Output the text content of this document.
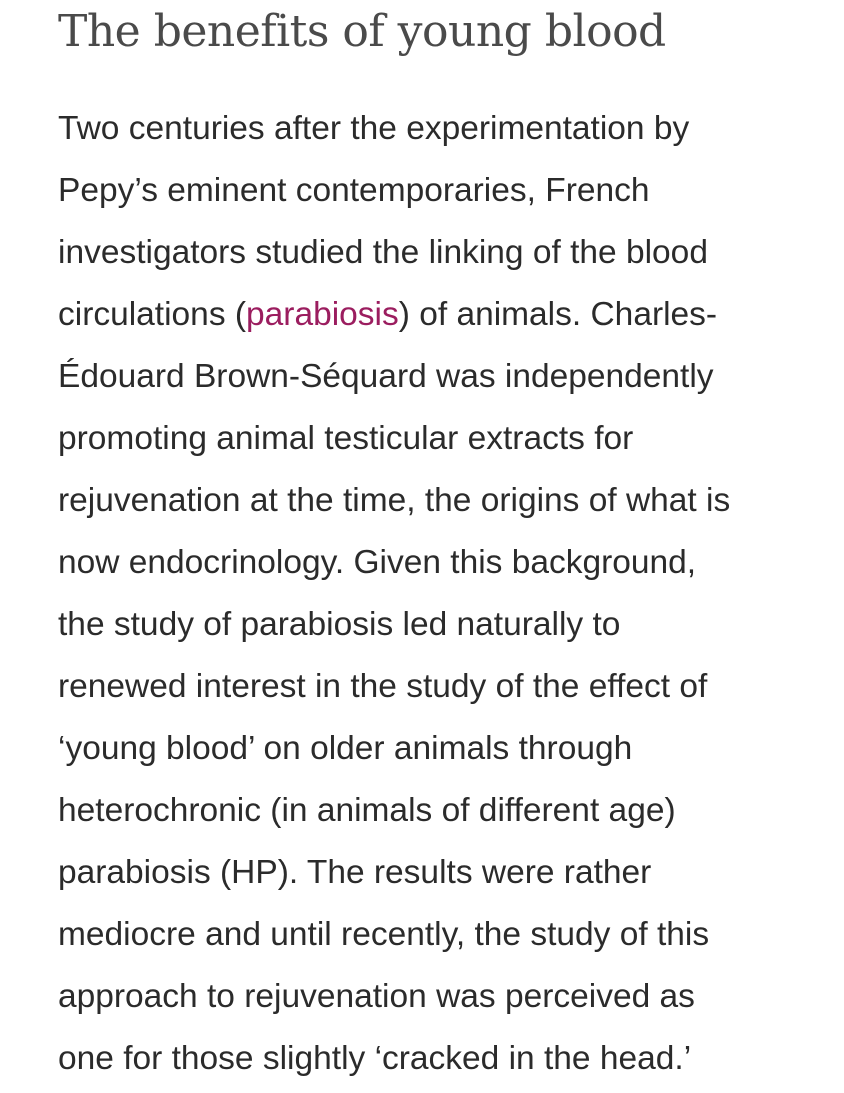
The benefits of young blood

Two centuries after the experimentation by
Pepy’s eminent contemporaries, French
investigators studied the linking of the blood
circulations (parabiosis) of animals. Charles-
Édouard Brown-Séquard was independently
promoting animal testicular extracts for
rejuvenation at the time, the origins of what is
now endocrinology. Given this background,
the study of parabiosis led naturally to
renewed interest in the study of the effect of
‘young blood’ on older animals through
heterochronic (in animals of different age)
parabiosis (HP). The results were rather
mediocre and until recently, the study of this
approach to rejuvenation was perceived as
one for those slightly ‘cracked in the head.’
